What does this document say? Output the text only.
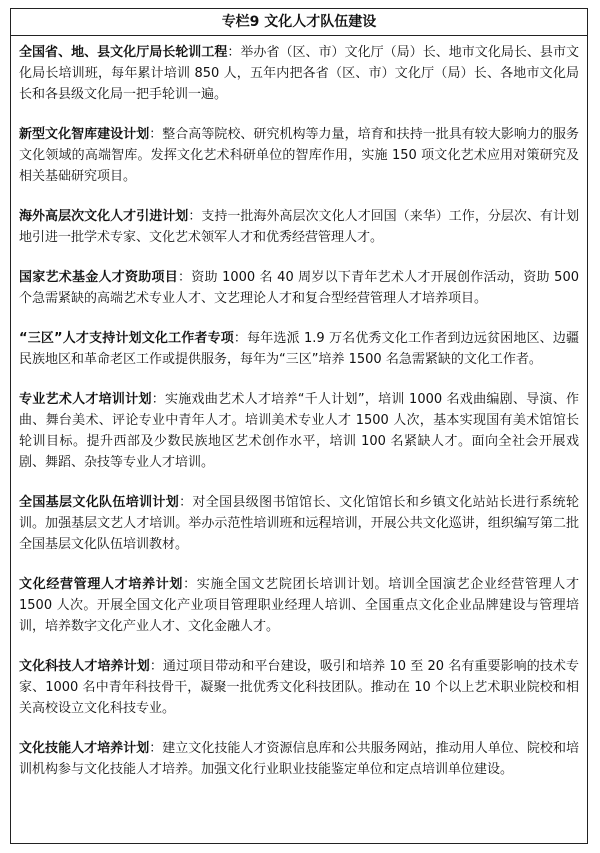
专栏9 文化人才队伍建设

全国省、地、县文化厅局长轮训工程：举办省（区、市）文化厅（局）长、地市文化局长、县市文化局长培训班，每年累计培训 850 人，五年内把各省（区、市）文化厅（局）长、各地市文化局长和各县级文化局一把手轮训一遍。

新型文化智库建设计划：整合高等院校、研究机构等力量，培育和扶持一批具有较大影响力的服务文化领域的高端智库。发挥文化艺术科研单位的智库作用，实施 150 项文化艺术应用对策研究及相关基础研究项目。

海外高层次文化人才引进计划：支持一批海外高层次文化人才回国（来华）工作，分层次、有计划地引进一批学术专家、文化艺术领军人才和优秀经营管理人才。

国家艺术基金人才资助项目：资助 1000 名 40 周岁以下青年艺术人才开展创作活动，资助 500 个急需紧缺的高端艺术专业人才、文艺理论人才和复合型经营管理人才培养项目。

“三区”人才支持计划文化工作者专项：每年选派 1.9 万名优秀文化工作者到边远贫困地区、边疆民族地区和革命老区工作或提供服务，每年为“三区”培养 1500 名急需紧缺的文化工作者。

专业艺术人才培训计划：实施戏曲艺术人才培养“千人计划”，培训 1000 名戏曲编剧、导演、作曲、舞台美术、评论专业中青年人才。培训美术专业人才 1500 人次，基本实现国有美术馆馆长轮训目标。提升西部及少数民族地区艺术创作水平，培训 100 名紧缺人才。面向全社会开展戏剧、舞蹈、杂技等专业人才培训。

全国基层文化队伍培训计划：对全国县级图书馆馆长、文化馆馆长和乡镇文化站站长进行系统轮训。加强基层文艺人才培训。举办示范性培训班和远程培训，开展公共文化巡讲，组织编写第二批全国基层文化队伍培训教材。

文化经营管理人才培养计划：实施全国文艺院团长培训计划。培训全国演艺企业经营管理人才 1500 人次。开展全国文化产业项目管理职业经理人培训、全国重点文化企业品牌建设与管理培训，培养数字文化产业人才、文化金融人才。

文化科技人才培养计划：通过项目带动和平台建设，吸引和培养 10 至 20 名有重要影响的技术专家、1000 名中青年科技骨干，凝聚一批优秀文化科技团队。推动在 10 个以上艺术职业院校和相关高校设立文化科技专业。

文化技能人才培养计划：建立文化技能人才资源信息库和公共服务网站，推动用人单位、院校和培训机构参与文化技能人才培养。加强文化行业职业技能鉴定单位和定点培训单位建设。
